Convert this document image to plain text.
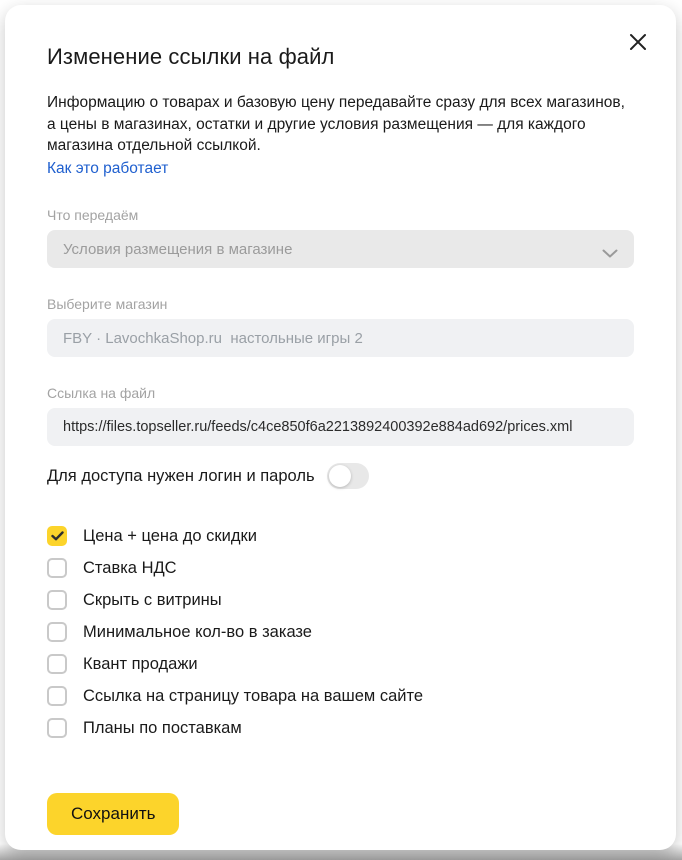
Изменение ссылки на файл

Информацию о товарах и базовую цену передавайте сразу для всех магазинов, а цены в магазинах, остатки и другие условия размещения — для каждого магазина отдельной ссылкой.

Как это работает
Что передаём
Условия размещения в магазине
Выберите магазин
FBY · LavochkaShop.ru  настольные игры 2
Ссылка на файл
https://files.topseller.ru/feeds/c4ce850f6a2213892400392e884ad692/prices.xml
Для доступа нужен логин и пароль
Цена + цена до скидки
Ставка НДС
Скрыть с витрины
Минимальное кол-во в заказе
Квант продажи
Ссылка на страницу товара на вашем сайте
Планы по поставкам
Сохранить
